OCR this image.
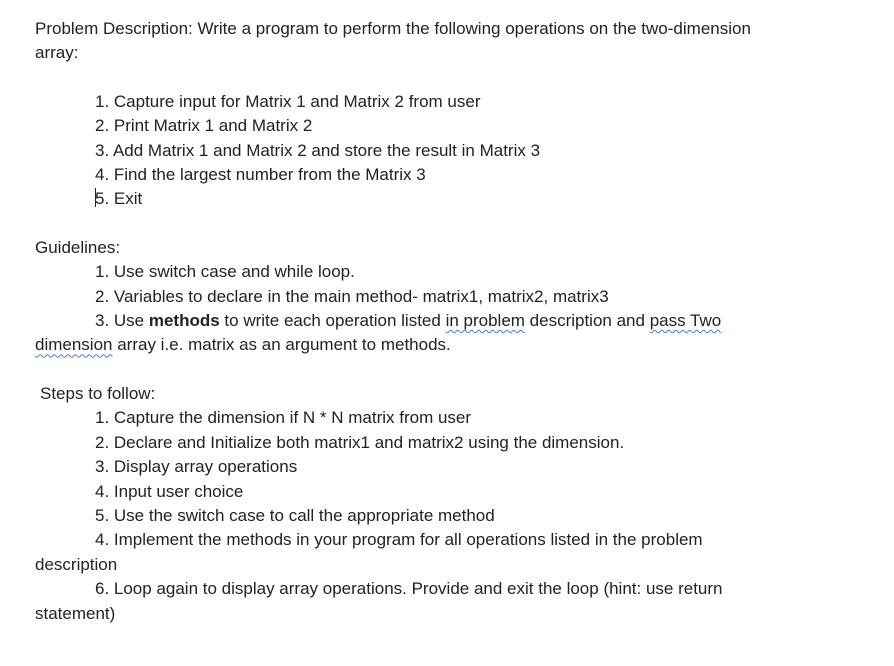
Problem Description: Write a program to perform the following operations on the two-dimension

array:

1. Capture input for Matrix 1 and Matrix 2 from user

2. Print Matrix 1 and Matrix 2

3. Add Matrix 1 and Matrix 2 and store the result in Matrix 3

4. Find the largest number from the Matrix 3

5. Exit

Guidelines:

1. Use switch case and while loop.

2. Variables to declare in the main method- matrix1, matrix2, matrix3

3. Use methods to write each operation listed in problem description and pass Two

dimension array i.e. matrix as an argument to methods.

Steps to follow:

1. Capture the dimension if N * N matrix from user

2. Declare and Initialize both matrix1 and matrix2 using the dimension.

3. Display array operations

4. Input user choice

5. Use the switch case to call the appropriate method

4. Implement the methods in your program for all operations listed in the problem

description

6. Loop again to display array operations. Provide and exit the loop (hint: use return

statement)
